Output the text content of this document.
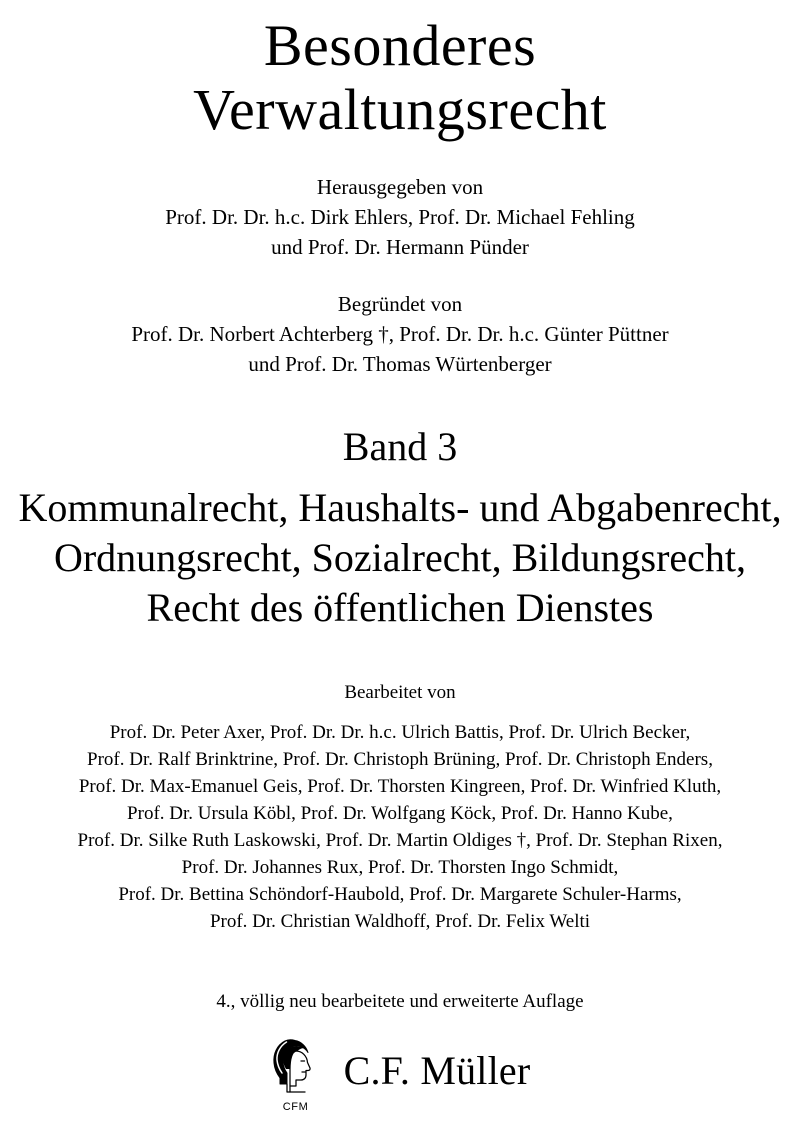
Besonderes
Verwaltungsrecht
Herausgegeben von
Prof. Dr. Dr. h.c. Dirk Ehlers, Prof. Dr. Michael Fehling
und Prof. Dr. Hermann Pünder
Begründet von
Prof. Dr. Norbert Achterberg †, Prof. Dr. Dr. h.c. Günter Püttner
und Prof. Dr. Thomas Würtenberger
Band 3
Kommunalrecht, Haushalts- und Abgabenrecht,
Ordnungsrecht, Sozialrecht, Bildungsrecht,
Recht des öffentlichen Dienstes
Bearbeitet von
Prof. Dr. Peter Axer, Prof. Dr. Dr. h.c. Ulrich Battis, Prof. Dr. Ulrich Becker,
Prof. Dr. Ralf Brinktrine, Prof. Dr. Christoph Brüning, Prof. Dr. Christoph Enders,
Prof. Dr. Max-Emanuel Geis, Prof. Dr. Thorsten Kingreen, Prof. Dr. Winfried Kluth,
Prof. Dr. Ursula Köbl, Prof. Dr. Wolfgang Köck, Prof. Dr. Hanno Kube,
Prof. Dr. Silke Ruth Laskowski, Prof. Dr. Martin Oldiges †, Prof. Dr. Stephan Rixen,
Prof. Dr. Johannes Rux, Prof. Dr. Thorsten Ingo Schmidt,
Prof. Dr. Bettina Schöndorf-Haubold, Prof. Dr. Margarete Schuler-Harms,
Prof. Dr. Christian Waldhoff, Prof. Dr. Felix Welti
4., völlig neu bearbeitete und erweiterte Auflage
CFM
C.F. Müller
